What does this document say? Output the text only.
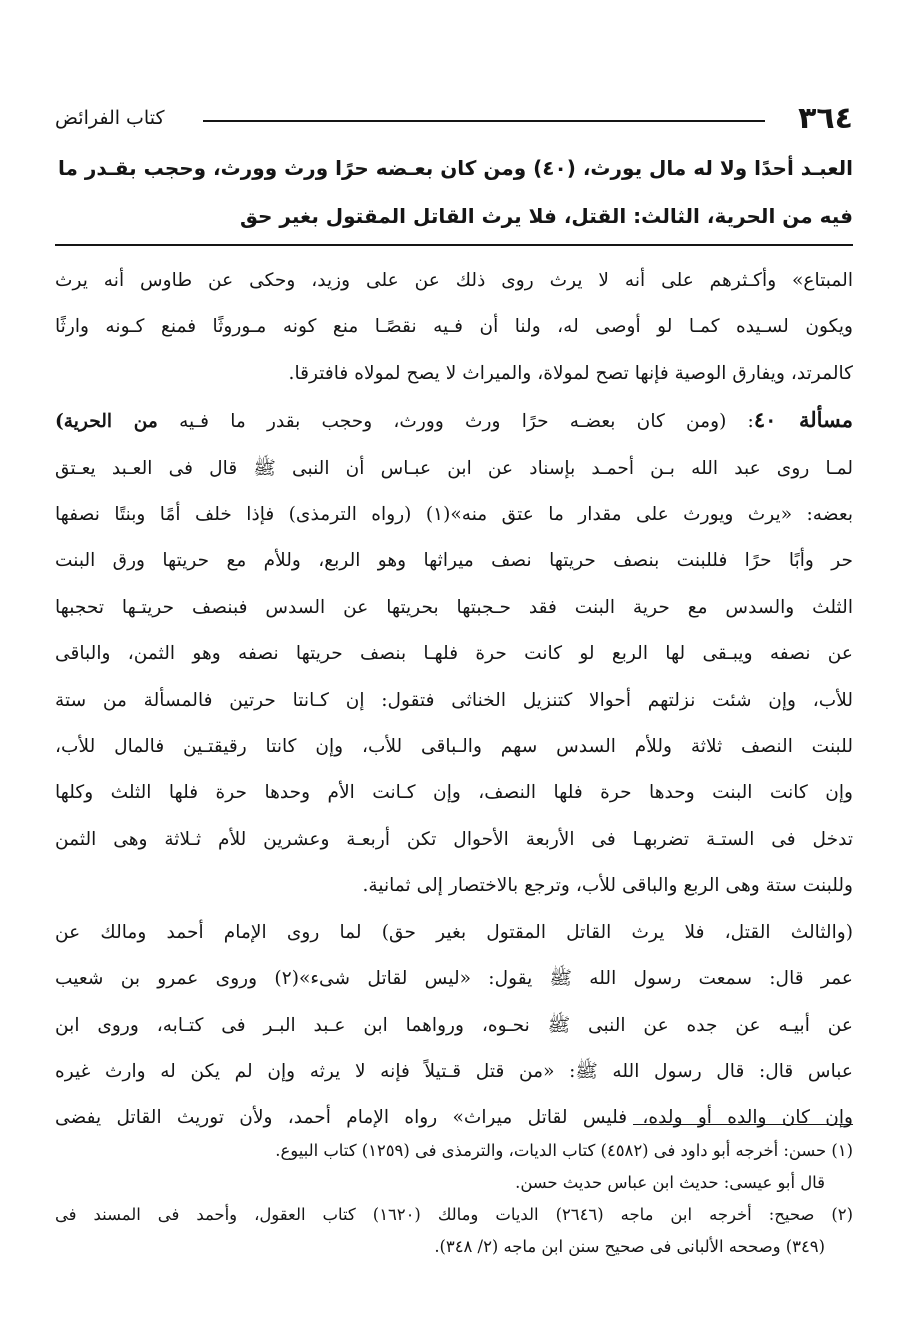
٣٦٤
كتاب الفرائض

العبـد أحدًا ولا له مال يورث، (٤٠) ومن كان بعـضه حرًا ورث وورث، وحجب بقـدر ما

فيه من الحرية، الثالث: القتل، فلا يرث القاتل المقتول بغير حق

المبتاع» وأكـثرهم على أنه لا يرث روى ذلك عن على وزيد، وحكى عن طاوس أنه يرث

ويكون لسـيده كمـا لو أوصى له، ولنا أن فـيه نقصًـا منع كونه مـوروثًا فمنع كـونه وارثًا

كالمرتد، ويفارق الوصية فإنها تصح لمولاة، والميراث لا يصح لمولاه فافترقا.

مسألة ٤٠: (ومن كان بعضـه حرًا ورث وورث، وحجب بقدر ما فـيه من الحرية)

لمـا روى عبد الله بـن أحمـد بإسناد عن ابن عبـاس أن النبى ﷺ قال فى العـبد يعـتق

بعضه: «يرث ويورث على مقدار ما عتق منه»(١) (رواه الترمذى) فإذا خلف أمًا وبنتًا نصفها

حر وأبًا حرًا فللبنت بنصف حريتها نصف ميراثها وهو الربع، وللأم مع حريتها ورق البنت

الثلث والسدس مع حرية البنت فقد حـجبتها بحريتها عن السدس فبنصف حريتـها تحجبها

عن نصفه ويبـقى لها الربع لو كانت حرة فلهـا بنصف حريتها نصفه وهو الثمن، والباقى

للأب، وإن شئت نزلتهم أحوالا كتنزيل الخناثى فتقول: إن كـانتا حرتين فالمسألة من ستة

للبنت النصف ثلاثة وللأم السدس سهم والـباقى للأب، وإن كانتا رقيقتـين فالمال للأب،

وإن كانت البنت وحدها حرة فلها النصف، وإن كـانت الأم وحدها حرة فلها الثلث وكلها

تدخل فى الستـة تضربهـا فى الأربعة الأحوال تكن أربعـة وعشرين للأم ثـلاثة وهى الثمن

وللبنت ستة وهى الربع والباقى للأب، وترجع بالاختصار إلى ثمانية.

(والثالث القتل، فلا يرث القاتل المقتول بغير حق) لما روى الإمام أحمد ومالك عن

عمر قال: سمعت رسول الله ﷺ يقول: «ليس لقاتل شىء»(٢) وروى عمرو بن شعيب

عن أبيـه عن جده عن النبى ﷺ نحـوه، ورواهما ابن عـبد البـر فى كتـابه، وروى ابن

عباس قال: قال رسول الله ﷺ: «من قتل قـتيلاً فإنه لا يرثه وإن لم يكن له وارث غيره

وإن كان والده أو ولده، فليس لقاتل ميراث» رواه الإمام أحمد، ولأن توريث القاتل يفضى

(١) حسن: أخرجه أبو داود فى (٤٥٨٢) كتاب الديات، والترمذى فى (١٢٥٩) كتاب البيوع.

قال أبو عيسى: حديث ابن عباس حديث حسن.

(٢) صحيح: أخرجه ابن ماجه (٢٦٤٦) الديات ومالك (١٦٢٠) كتاب العقول، وأحمد فى المسند فى

(٣٤٩) وصححه الألبانى فى صحيح سنن ابن ماجه (٢/ ٣٤٨).
